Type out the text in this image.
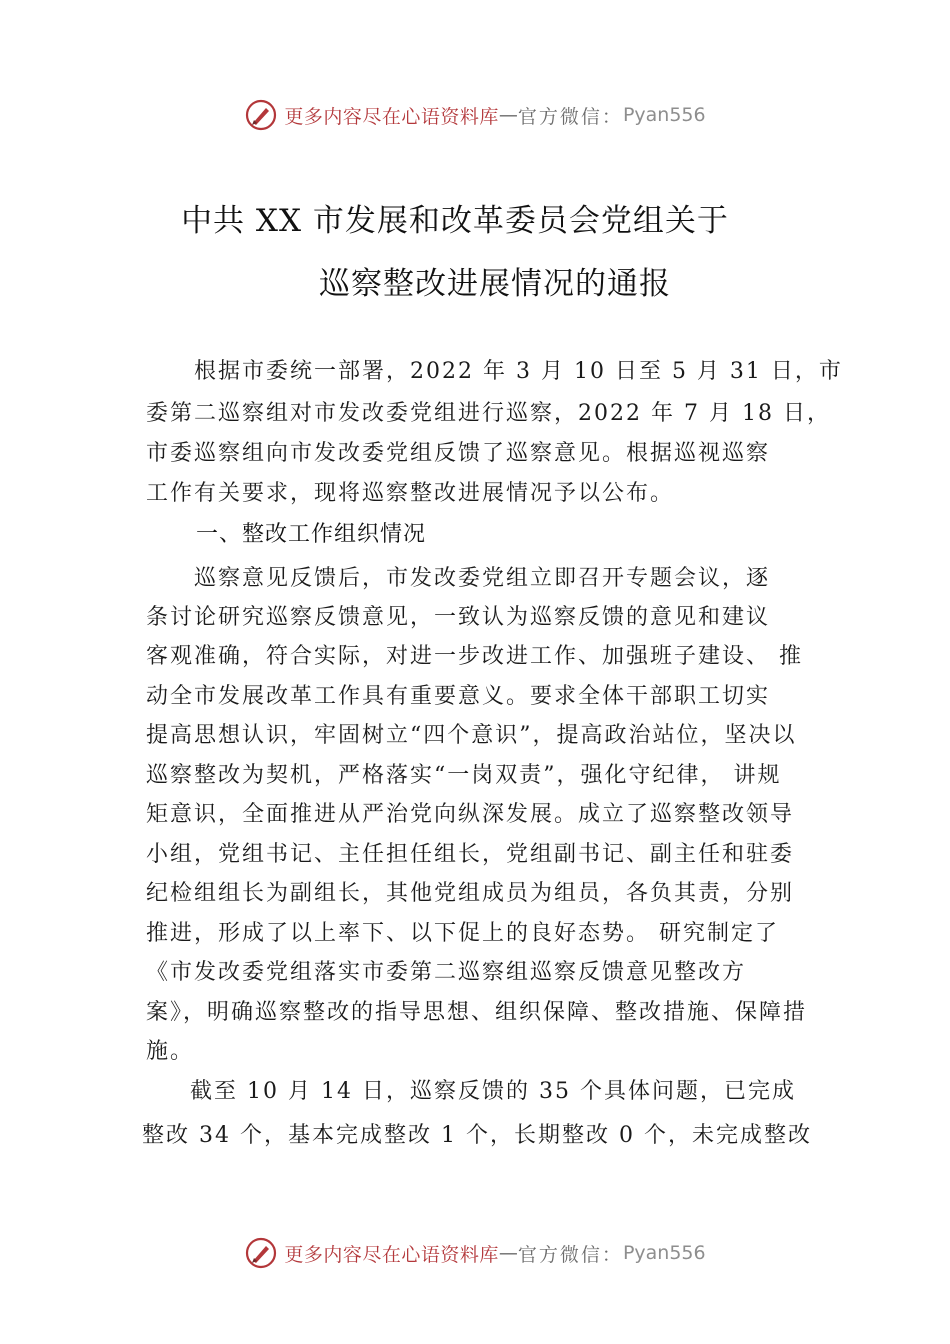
更多内容尽在心语资料库 — 官方微信： Pyan556
中共 XX 市发展和改革委员会党组关于
巡察整改进展情况的通报
　　根据市委统一部署，2022 年 3 月 10 日至 5 月 31 日，市
委第二巡察组对市发改委党组进行巡察，2022 年 7 月 18 日，
市委巡察组向市发改委党组反馈了巡察意见。根据巡视巡察
工作有关要求，现将巡察整改进展情况予以公布。
一、整改工作组织情况
　　巡察意见反馈后，市发改委党组立即召开专题会议，逐
条讨论研究巡察反馈意见，一致认为巡察反馈的意见和建议
客观准确，符合实际，对进一步改进工作、加强班子建设、 推
动全市发展改革工作具有重要意义。要求全体干部职工切实
提高思想认识，牢固树立“四个意识”，提高政治站位，坚决以
巡察整改为契机，严格落实“一岗双责”，强化守纪律， 讲规
矩意识，全面推进从严治党向纵深发展。成立了巡察整改领导
小组，党组书记、主任担任组长，党组副书记、副主任和驻委
纪检组组长为副组长，其他党组成员为组员，各负其责，分别
推进，形成了以上率下、以下促上的良好态势。 研究制定了
《市发改委党组落实市委第二巡察组巡察反馈意见整改方
案》，明确巡察整改的指导思想、组织保障、整改措施、保障措
施。
　　截至 10 月 14 日，巡察反馈的 35 个具体问题，已完成
整改 34 个，基本完成整改 1 个，长期整改 0 个，未完成整改
更多内容尽在心语资料库 — 官方微信： Pyan556
